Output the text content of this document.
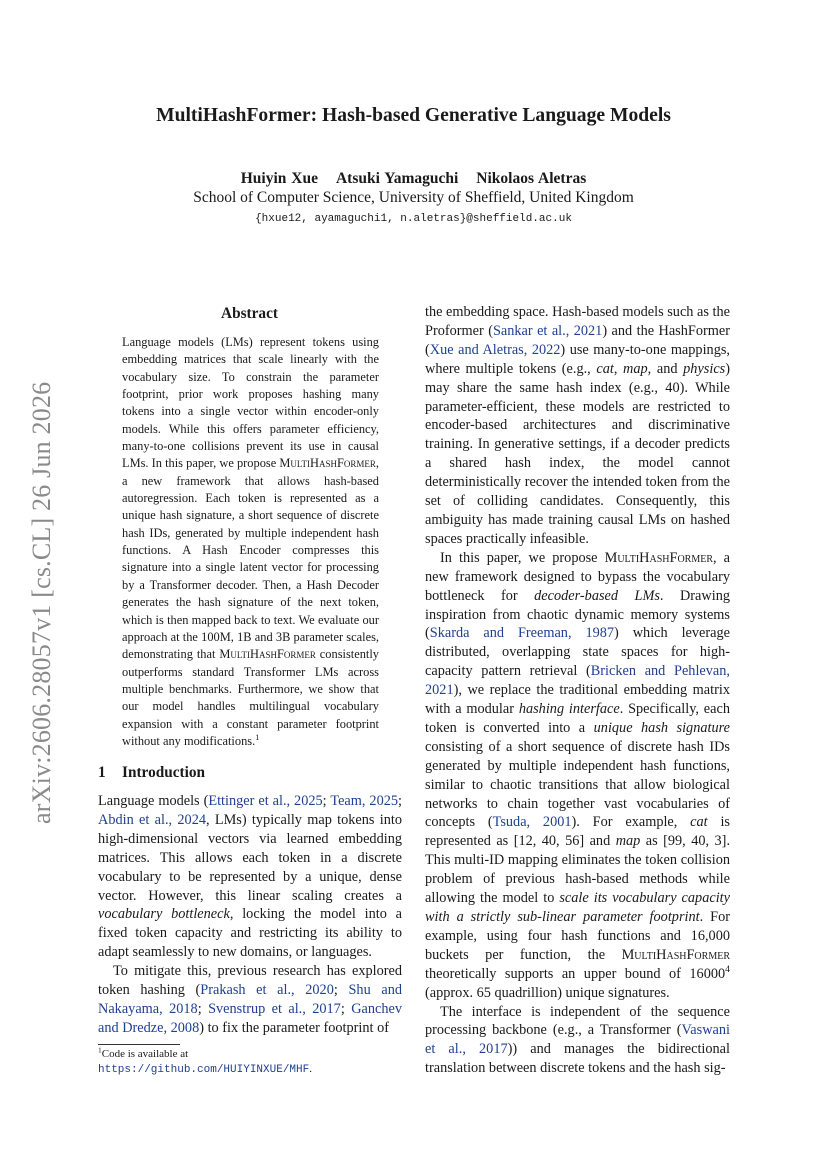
arXiv:2606.28057v1 [cs.CL] 26 Jun 2026
MultiHashFormer: Hash-based Generative Language Models
Huiyin Xue Atsuki Yamaguchi Nikolaos Aletras
School of Computer Science, University of Sheffield, United Kingdom
{hxue12, ayamaguchi1, n.aletras}@sheffield.ac.uk
Abstract
Language models (LMs) represent tokens using embedding matrices that scale linearly with the vocabulary size. To constrain the parameter footprint, prior work proposes hashing many tokens into a single vector within encoder-only models. While this offers parameter efficiency, many-to-one collisions prevent its use in causal LMs. In this paper, we propose MultiHashFormer, a new framework that allows hash-based autoregression. Each token is represented as a unique hash signature, a short sequence of discrete hash IDs, generated by multiple independent hash functions. A Hash Encoder compresses this signature into a single latent vector for processing by a Transformer decoder. Then, a Hash Decoder generates the hash signature of the next token, which is then mapped back to text. We evaluate our approach at the 100M, 1B and 3B parameter scales, demonstrating that MultiHashFormer consistently outperforms standard Transformer LMs across multiple benchmarks. Furthermore, we show that our model handles multilingual vocabulary expansion with a constant parameter footprint without any modifications.$^1$
1 Introduction

Language models (Ettinger et al., 2025; Team, 2025; Abdin et al., 2024, LMs) typically map tokens into high-dimensional vectors via learned embedding matrices. This allows each token in a discrete vocabulary to be represented by a unique, dense vector. However, this linear scaling creates a vocabulary bottleneck, locking the model into a fixed token capacity and restricting its ability to adapt seamlessly to new domains, or languages.

To mitigate this, previous research has explored token hashing (Prakash et al., 2020; Shu and Nakayama, 2018; Svenstrup et al., 2017; Ganchev and Dredze, 2008) to fix the parameter footprint of

$^1$Code is available at https://github.com/HUIYINXUE/MHF.

the embedding space. Hash-based models such as the Proformer (Sankar et al., 2021) and the HashFormer (Xue and Aletras, 2022) use many-to-one mappings, where multiple tokens (e.g., cat, map, and physics) may share the same hash index (e.g., 40). While parameter-efficient, these models are restricted to encoder-based architectures and discriminative training. In generative settings, if a decoder predicts a shared hash index, the model cannot deterministically recover the intended token from the set of colliding candidates. Consequently, this ambiguity has made training causal LMs on hashed spaces practically infeasible.

In this paper, we propose MultiHashFormer, a new framework designed to bypass the vocabulary bottleneck for decoder-based LMs. Drawing inspiration from chaotic dynamic memory systems (Skarda and Freeman, 1987) which leverage distributed, overlapping state spaces for high-capacity pattern retrieval (Bricken and Pehlevan, 2021), we replace the traditional embedding matrix with a modular hashing interface. Specifically, each token is converted into a unique hash signature consisting of a short sequence of discrete hash IDs generated by multiple independent hash functions, similar to chaotic transitions that allow biological networks to chain together vast vocabularies of concepts (Tsuda, 2001). For example, cat is represented as [12, 40, 56] and map as [99, 40, 3]. This multi-ID mapping eliminates the token collision problem of previous hash-based methods while allowing the model to scale its vocabulary capacity with a strictly sub-linear parameter footprint. For example, using four hash functions and 16,000 buckets per function, the MultiHashFormer theoretically supports an upper bound of 16000$^4$ (approx. 65 quadrillion) unique signatures.

The interface is independent of the sequence processing backbone (e.g., a Transformer (Vaswani et al., 2017)) and manages the bidirectional translation between discrete tokens and the hash sig-
